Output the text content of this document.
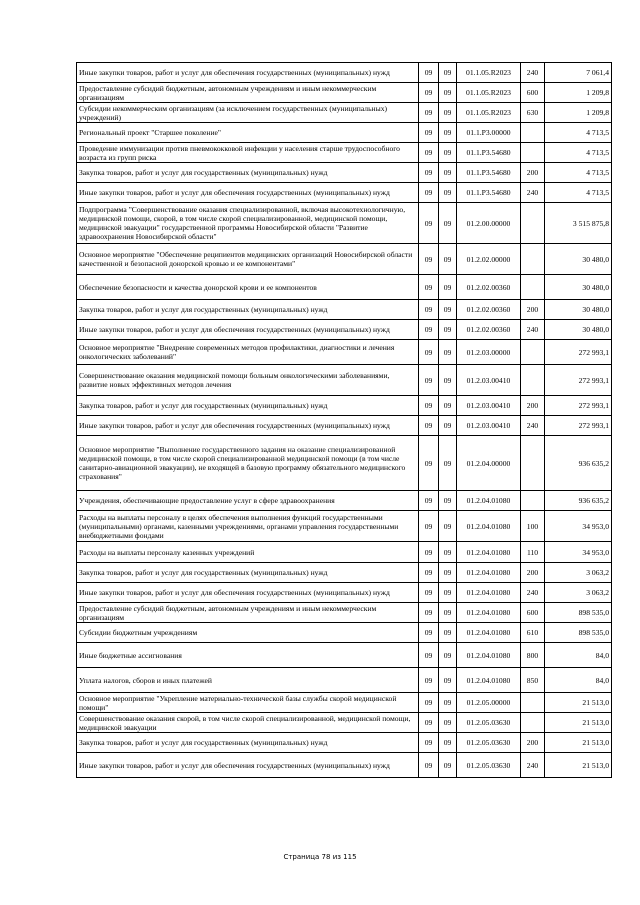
Иные закупки товаров, работ и услуг для обеспечения государственных (муниципальных) нужд	09	09	01.1.05.R2023	240	7 061,4
Предоставление субсидий бюджетным, автономным учреждениям и иным некоммерческим организациям	09	09	01.1.05.R2023	600	1 209,8
Субсидии некоммерческим организациям (за исключением государственных (муниципальных) учреждений)	09	09	01.1.05.R2023	630	1 209,8
Региональный проект "Старшее поколение"	09	09	01.1.P3.00000		4 713,5
Проведение иммунизации против пневмококковой инфекции у населения старше трудоспособного возраста из групп риска	09	09	01.1.P3.54680		4 713,5
Закупка товаров, работ и услуг для государственных (муниципальных) нужд	09	09	01.1.P3.54680	200	4 713,5
Иные закупки товаров, работ и услуг для обеспечения государственных (муниципальных) нужд	09	09	01.1.P3.54680	240	4 713,5
Подпрограмма "Совершенствование оказания специализированной, включая высокотехнологичную, медицинской помощи, скорой, в том числе скорой специализированной, медицинской помощи, медицинской эвакуации" государственной программы Новосибирской области "Развитие здравоохранения Новосибирской области"	09	09	01.2.00.00000		3 515 875,8
Основное мероприятие "Обеспечение реципиентов медицинских организаций Новосибирской области качественной и безопасной донорской кровью и ее компонентами"	09	09	01.2.02.00000		30 480,0
Обеспечение безопасности и качества донорской крови и ее компонентов	09	09	01.2.02.00360		30 480,0
Закупка товаров, работ и услуг для государственных (муниципальных) нужд	09	09	01.2.02.00360	200	30 480,0
Иные закупки товаров, работ и услуг для обеспечения государственных (муниципальных) нужд	09	09	01.2.02.00360	240	30 480,0
Основное мероприятие "Внедрение современных методов профилактики, диагностики и лечения онкологических заболеваний"	09	09	01.2.03.00000		272 993,1
Совершенствование оказания медицинской помощи больным онкологическими заболеваниями, развитие новых эффективных методов лечения	09	09	01.2.03.00410		272 993,1
Закупка товаров, работ и услуг для государственных (муниципальных) нужд	09	09	01.2.03.00410	200	272 993,1
Иные закупки товаров, работ и услуг для обеспечения государственных (муниципальных) нужд	09	09	01.2.03.00410	240	272 993,1
Основное мероприятие "Выполнение государственного задания на оказание специализированной медицинской помощи, в том числе скорой специализированной медицинской помощи (в том числе санитарно-авиационной эвакуации), не входящей в базовую программу обязательного медицинского страхования"	09	09	01.2.04.00000		936 635,2
Учреждения, обеспечивающие предоставление услуг в сфере здравоохранения	09	09	01.2.04.01080		936 635,2
Расходы на выплаты персоналу в целях обеспечения выполнения функций государственными (муниципальными) органами, казенными учреждениями, органами управления государственными внебюджетными фондами	09	09	01.2.04.01080	100	34 953,0
Расходы на выплаты персоналу казенных учреждений	09	09	01.2.04.01080	110	34 953,0
Закупка товаров, работ и услуг для государственных (муниципальных) нужд	09	09	01.2.04.01080	200	3 063,2
Иные закупки товаров, работ и услуг для обеспечения государственных (муниципальных) нужд	09	09	01.2.04.01080	240	3 063,2
Предоставление субсидий бюджетным, автономным учреждениям и иным некоммерческим организациям	09	09	01.2.04.01080	600	898 535,0
Субсидии бюджетным учреждениям	09	09	01.2.04.01080	610	898 535,0
Иные бюджетные ассигнования	09	09	01.2.04.01080	800	84,0
Уплата налогов, сборов и иных платежей	09	09	01.2.04.01080	850	84,0
Основное мероприятие "Укрепление материально-технической базы службы скорой медицинской помощи"	09	09	01.2.05.00000		21 513,0
Совершенствование оказания скорой, в том числе скорой специализированной, медицинской помощи, медицинской эвакуации	09	09	01.2.05.03630		21 513,0
Закупка товаров, работ и услуг для государственных (муниципальных) нужд	09	09	01.2.05.03630	200	21 513,0
Иные закупки товаров, работ и услуг для обеспечения государственных (муниципальных) нужд	09	09	01.2.05.03630	240	21 513,0
Страница 78 из 115
